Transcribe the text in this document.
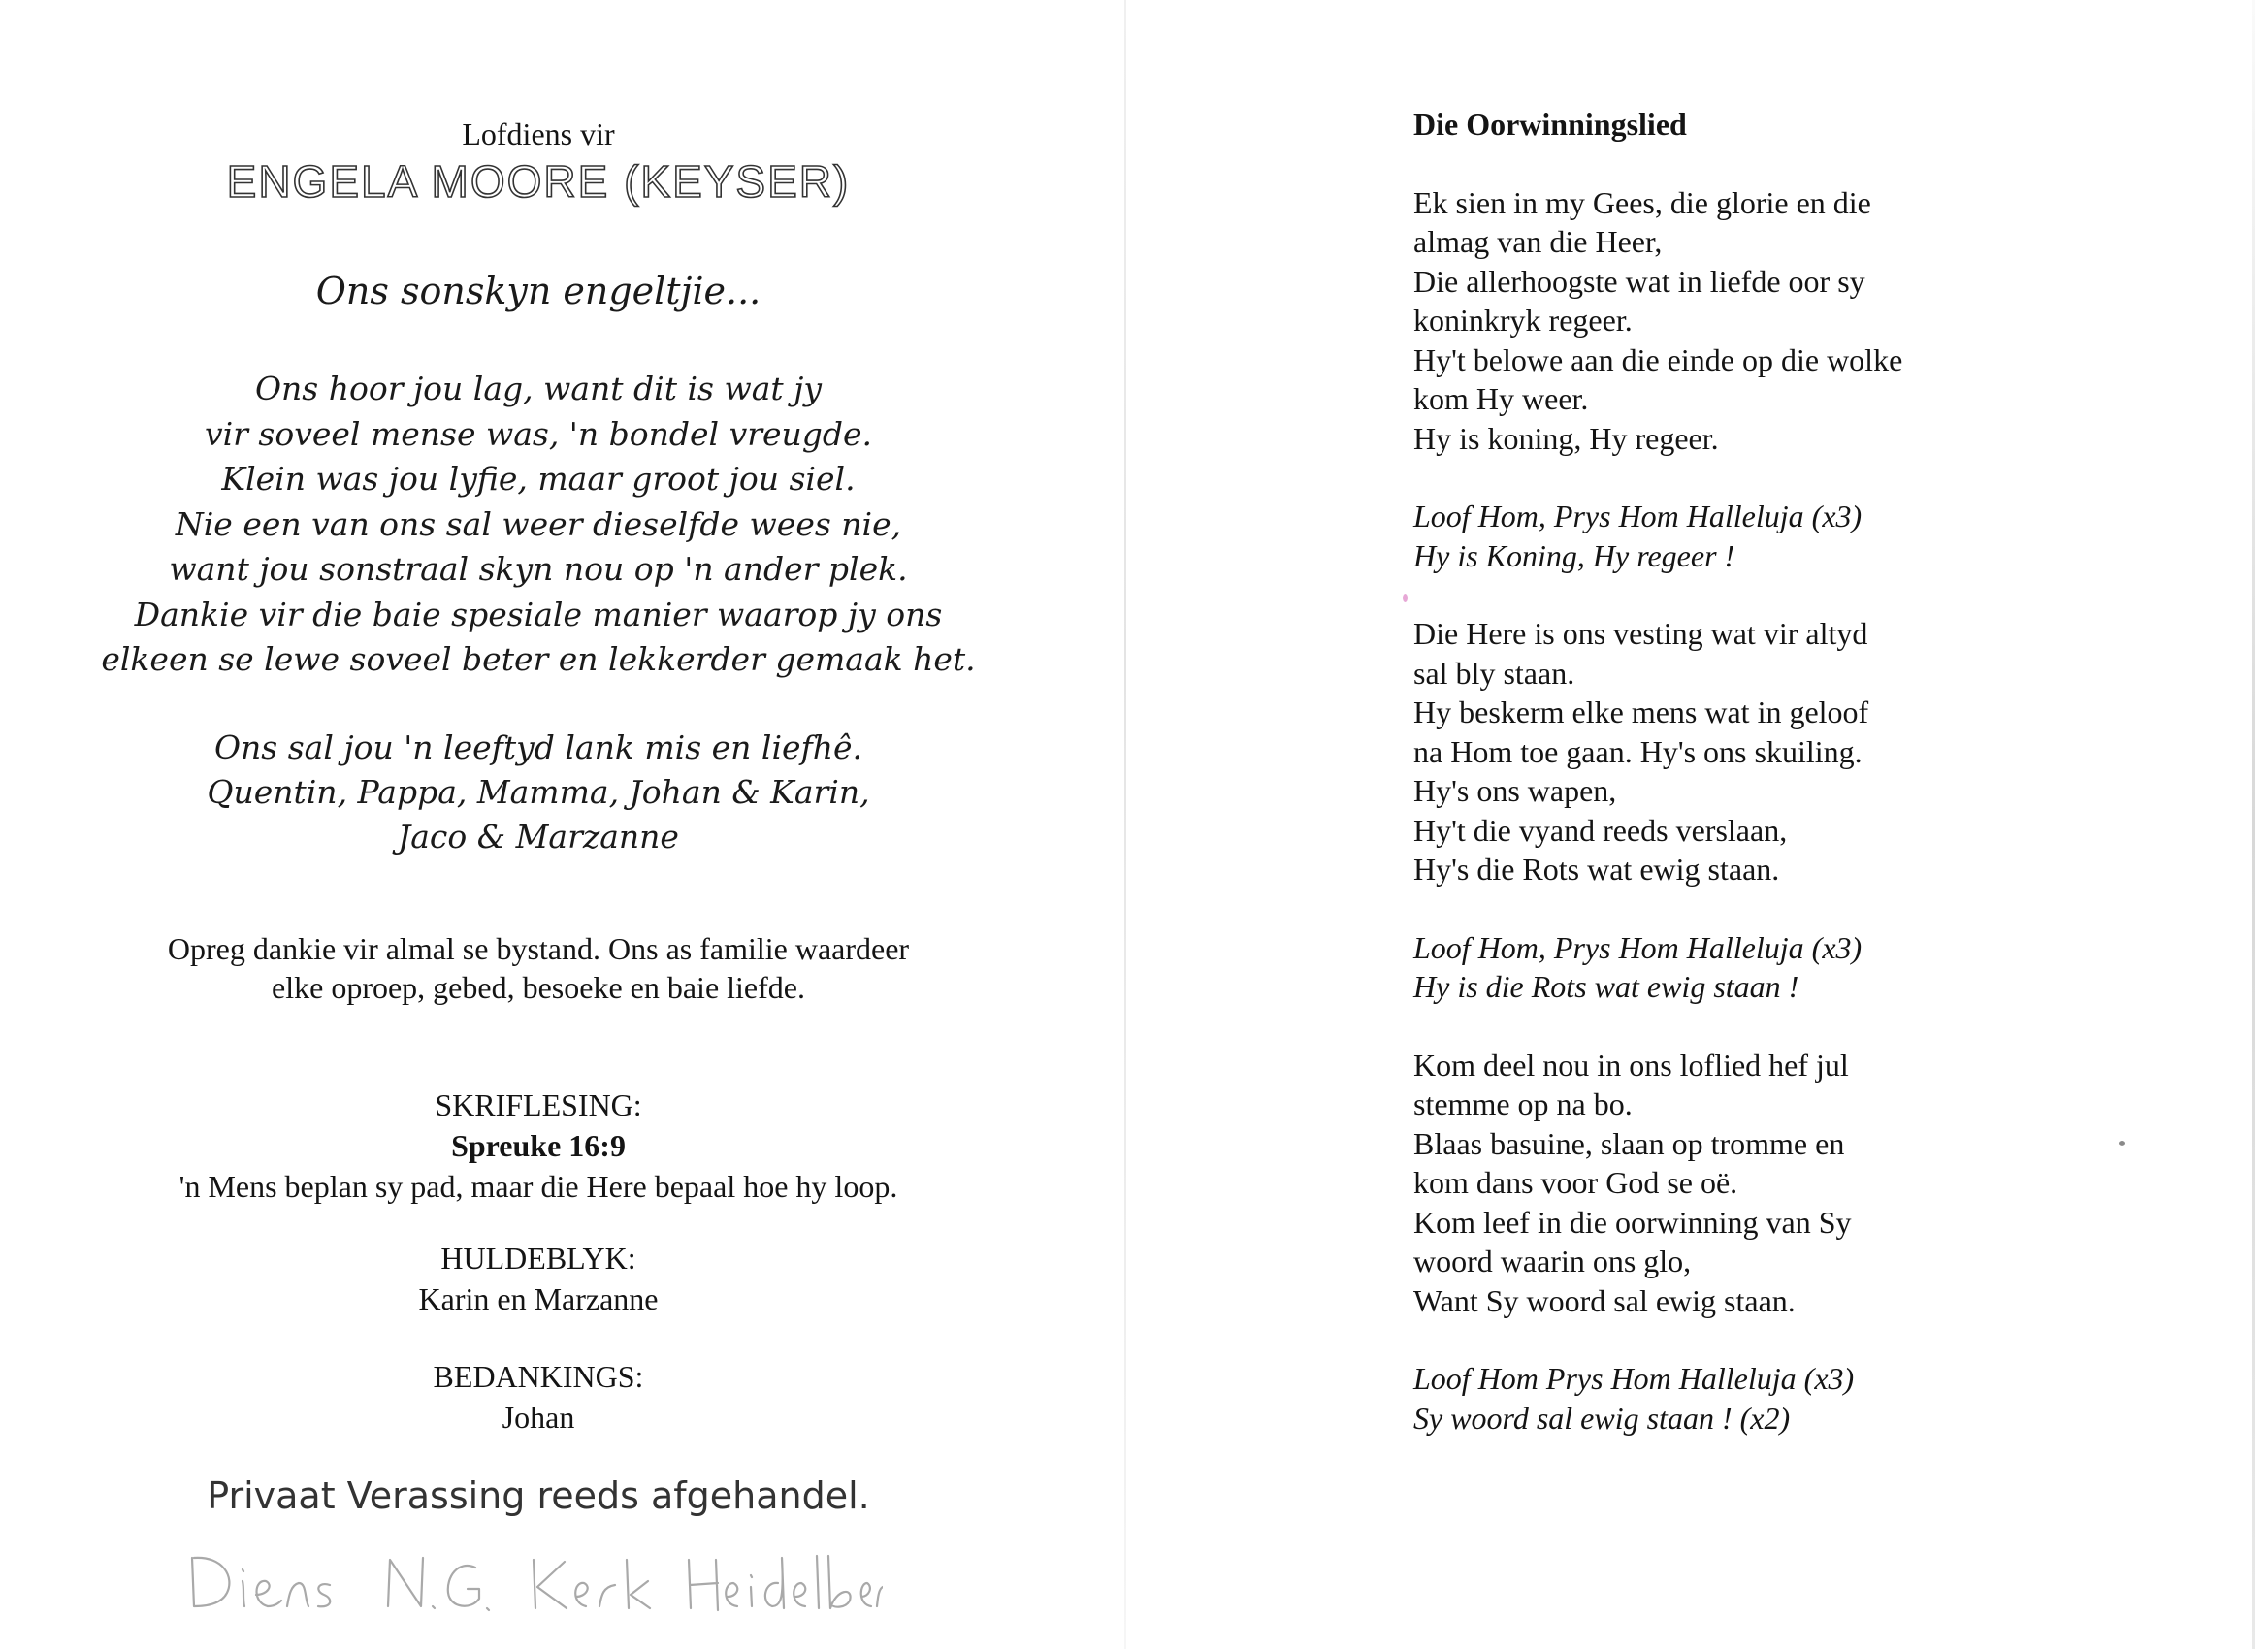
Lofdiens vir
ENGELA MOORE (KEYSER)
Ons sonskyn engeltjie...
Ons hoor jou lag, want dit is wat jy
vir soveel mense was, 'n bondel vreugde.
Klein was jou lyfie, maar groot jou siel.
Nie een van ons sal weer dieselfde wees nie,
want jou sonstraal skyn nou op 'n ander plek.
Dankie vir die baie spesiale manier waarop jy ons
elkeen se lewe soveel beter en lekkerder gemaak het.
Ons sal jou 'n leeftyd lank mis en liefhê.
Quentin, Pappa, Mamma, Johan & Karin,
Jaco & Marzanne
Opreg dankie vir almal se bystand. Ons as familie waardeer
elke oproep, gebed, besoeke en baie liefde.
SKRIFLESING:
Spreuke 16:9
'n Mens beplan sy pad, maar die Here bepaal hoe hy loop.
HULDEBLYK:
Karin en Marzanne
BEDANKINGS:
Johan
Privaat Verassing reeds afgehandel.
Die Oorwinningslied
Ek sien in my Gees, die glorie en die
almag van die Heer,
Die allerhoogste wat in liefde oor sy
koninkryk regeer.
Hy't belowe aan die einde op die wolke
kom Hy weer.
Hy is koning, Hy regeer.
Loof Hom, Prys Hom Halleluja (x3)
Hy is Koning, Hy regeer !
Die Here is ons vesting wat vir altyd
sal bly staan.
Hy beskerm elke mens wat in geloof
na Hom toe gaan. Hy's ons skuiling.
Hy's ons wapen,
Hy't die vyand reeds verslaan,
Hy's die Rots wat ewig staan.
Loof Hom, Prys Hom Halleluja (x3)
Hy is die Rots wat ewig staan !
Kom deel nou in ons loflied hef jul
stemme op na bo.
Blaas basuine, slaan op tromme en
kom dans voor God se oë.
Kom leef in die oorwinning van Sy
woord waarin ons glo,
Want Sy woord sal ewig staan.
Loof Hom Prys Hom Halleluja (x3)
Sy woord sal ewig staan ! (x2)
